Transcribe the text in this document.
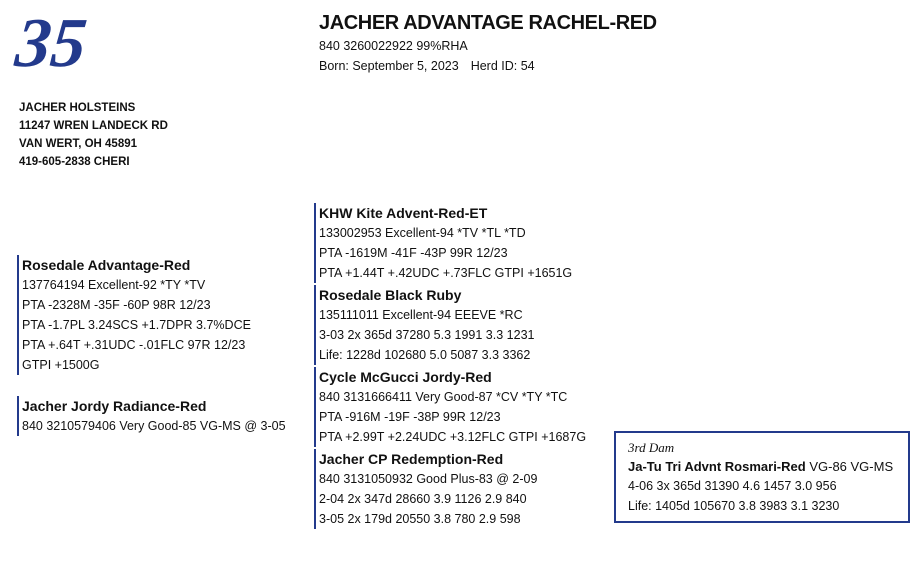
35
JACHER HOLSTEINS
11247 WREN LANDECK RD
VAN WERT, OH 45891
419-605-2838 CHERI
JACHER ADVANTAGE RACHEL-RED
840 3260022922 99%RHA
Born: September 5, 2023 Herd ID: 54
Rosedale Advantage-Red
137764194 Excellent-92 *TY *TV
PTA -2328M -35F -60P 98R 12/23
PTA -1.7PL 3.24SCS +1.7DPR 3.7%DCE
PTA +.64T +.31UDC -.01FLC 97R 12/23
GTPI +1500G
Jacher Jordy Radiance-Red
840 3210579406 Very Good-85 VG-MS @ 3-05
KHW Kite Advent-Red-ET
133002953 Excellent-94 *TV *TL *TD
PTA -1619M -41F -43P 99R 12/23
PTA +1.44T +.42UDC +.73FLC GTPI +1651G
Rosedale Black Ruby
135111011 Excellent-94 EEEVE *RC
3-03 2x 365d 37280 5.3 1991 3.3 1231
Life: 1228d 102680 5.0 5087 3.3 3362
Cycle McGucci Jordy-Red
840 3131666411 Very Good-87 *CV *TY *TC
PTA -916M -19F -38P 99R 12/23
PTA +2.99T +2.24UDC +3.12FLC GTPI +1687G
Jacher CP Redemption-Red
840 3131050932 Good Plus-83 @ 2-09
2-04 2x 347d 28660 3.9 1126 2.9 840
3-05 2x 179d 20550 3.8 780 2.9 598
3rd Dam
Ja-Tu Tri Advnt Rosmari-Red VG-86 VG-MS
4-06 3x 365d 31390 4.6 1457 3.0 956
Life: 1405d 105670 3.8 3983 3.1 3230
